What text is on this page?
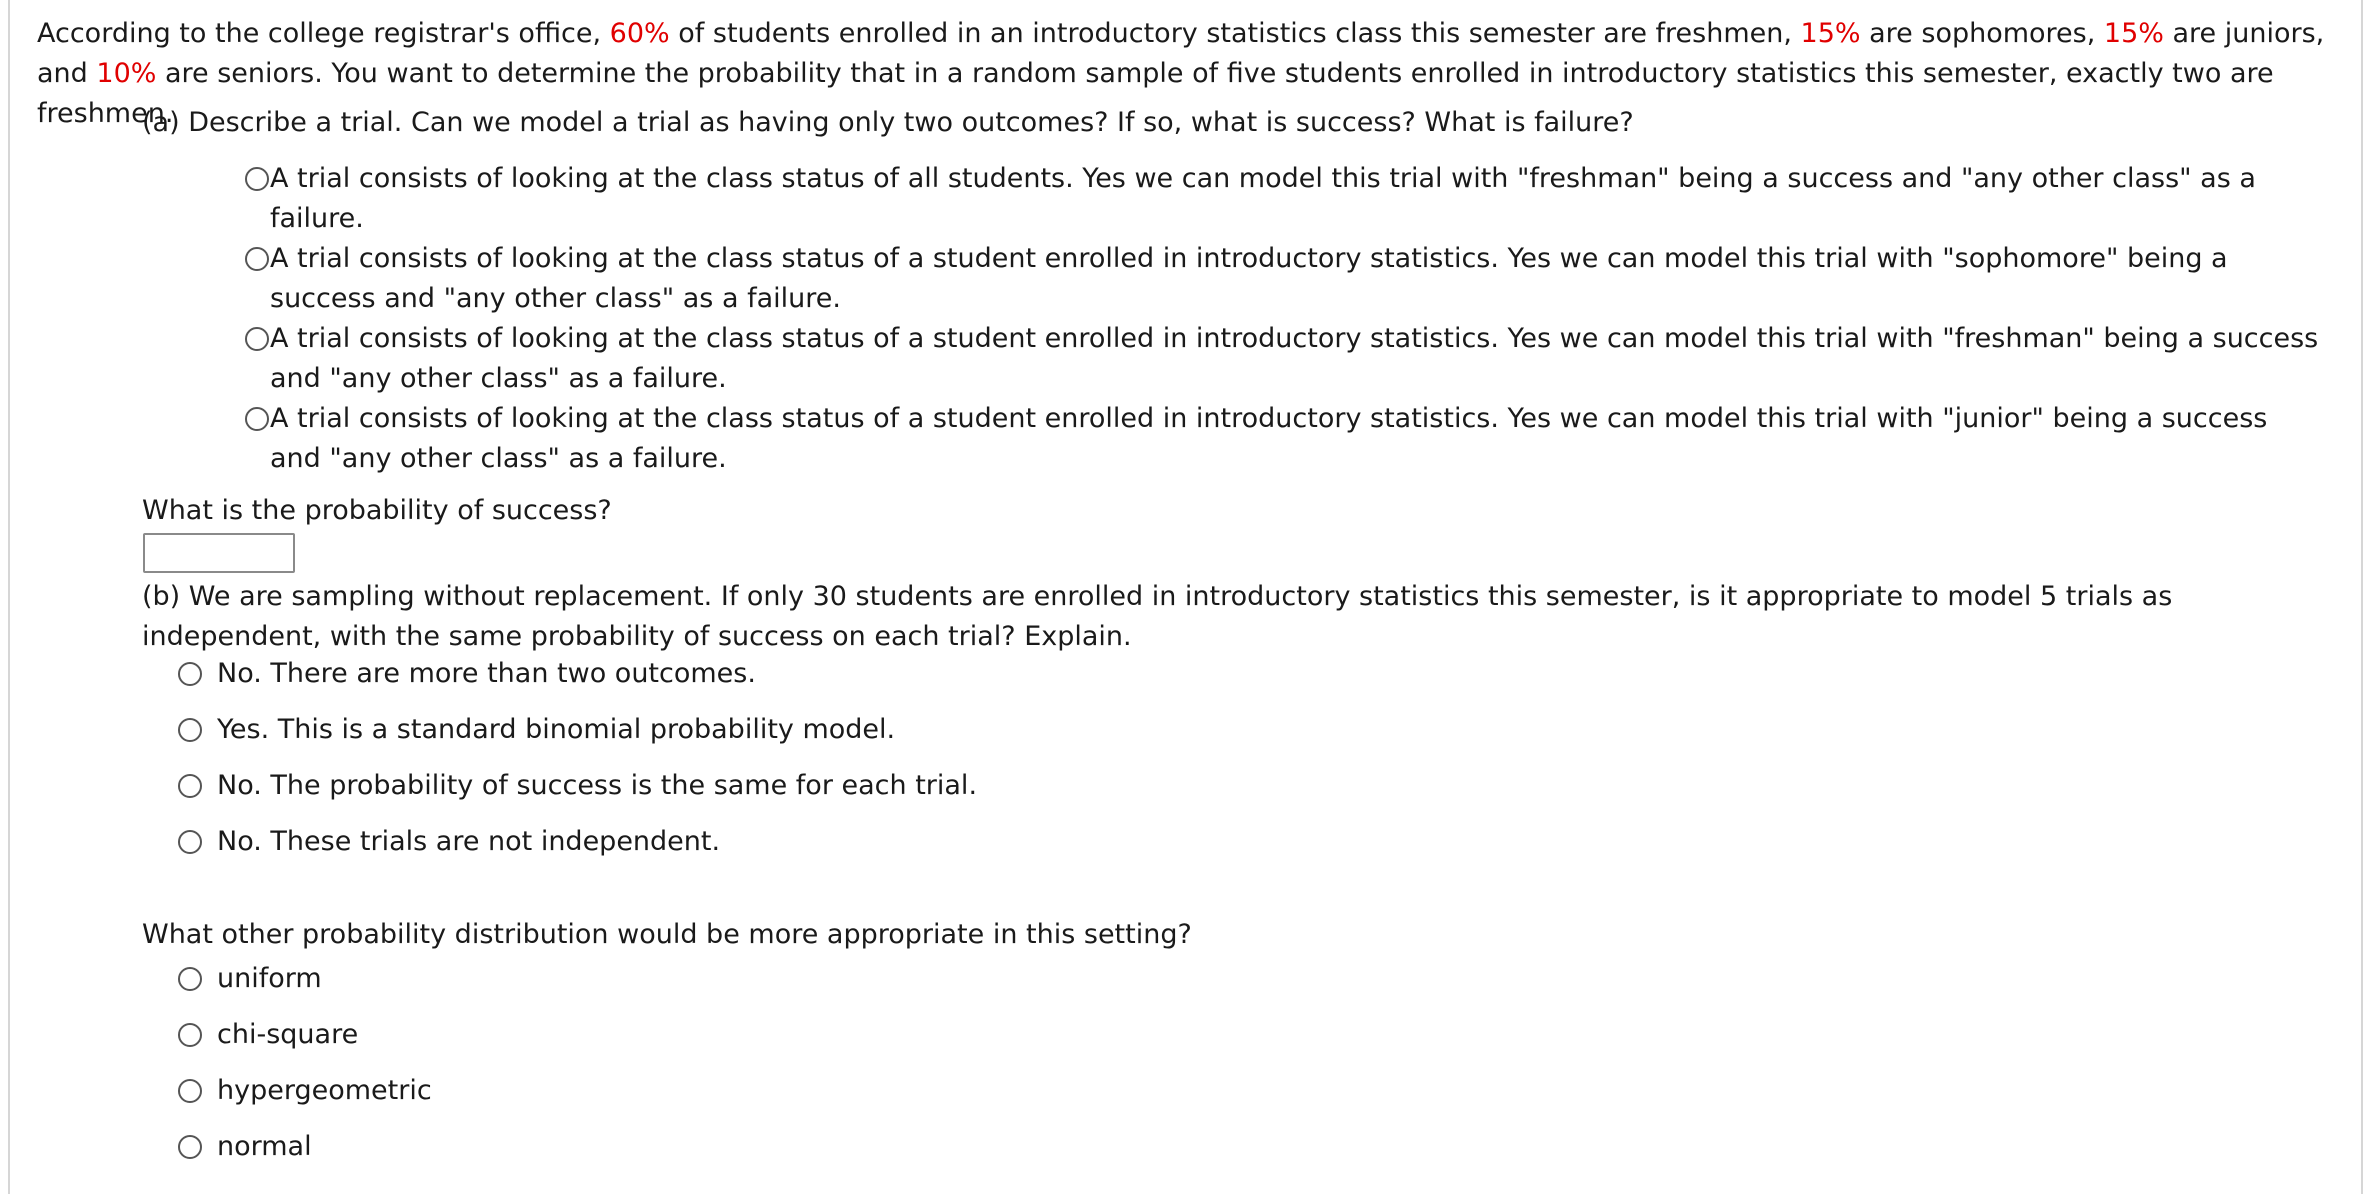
According to the college registrar's office, 60% of students enrolled in an introductory statistics class this semester are freshmen, 15% are sophomores, 15% are juniors, and 10% are seniors. You want to determine the probability that in a random sample of five students enrolled in introductory statistics this semester, exactly two are freshmen.
(a) Describe a trial. Can we model a trial as having only two outcomes? If so, what is success? What is failure?
A trial consists of looking at the class status of all students. Yes we can model this trial with "freshman" being a success and "any other class" as a failure.
A trial consists of looking at the class status of a student enrolled in introductory statistics. Yes we can model this trial with "sophomore" being a success and "any other class" as a failure.
A trial consists of looking at the class status of a student enrolled in introductory statistics. Yes we can model this trial with "freshman" being a success and "any other class" as a failure.
A trial consists of looking at the class status of a student enrolled in introductory statistics. Yes we can model this trial with "junior" being a success and "any other class" as a failure.
What is the probability of success?
(b) We are sampling without replacement. If only 30 students are enrolled in introductory statistics this semester, is it appropriate to model 5 trials as independent, with the same probability of success on each trial? Explain.
No. There are more than two outcomes.
Yes. This is a standard binomial probability model.
No. The probability of success is the same for each trial.
No. These trials are not independent.
What other probability distribution would be more appropriate in this setting?
uniform
chi-square
hypergeometric
normal
